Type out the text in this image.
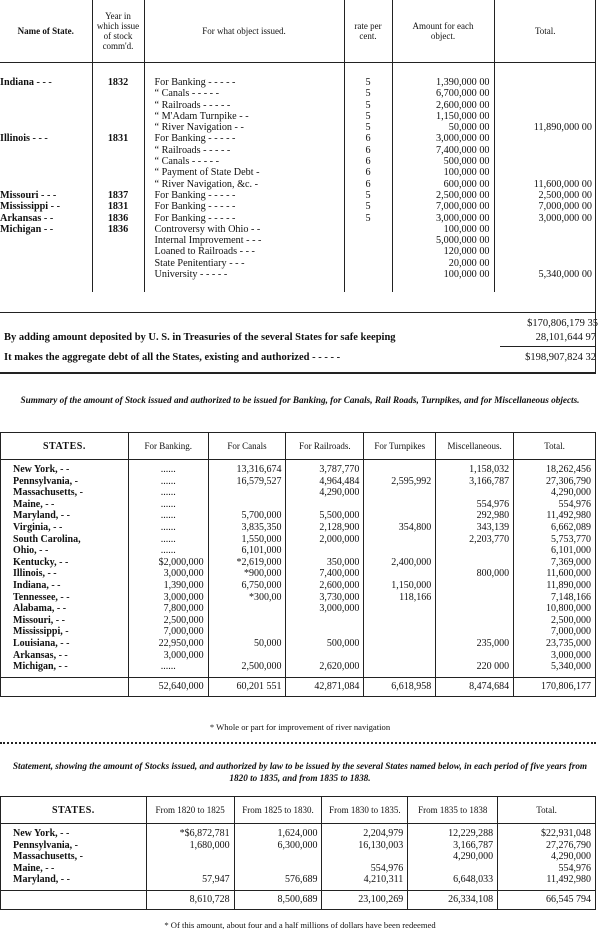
Name of State.	Year in which issue of stock comm'd.	For what object issued.	rate per cent.	Amount for each object.	Total.

Indiana - - -	1832	For Banking - - - - -	5	1,390,000 00	
		“ Canals - - - - -	5	6,700,000 00	
		“ Railroads - - - - -	5	2,600,000 00	
		“ M'Adam Turnpike - -	5	1,150,000 00	
		“ River Navigation - -	5	50,000 00	11,890,000 00
Illinois - - -	1831	For Banking - - - - -	6	3,000,000 00	
		“ Railroads - - - - -	6	7,400,000 00	
		“ Canals - - - - -	6	500,000 00	
		“ Payment of State Debt -	6	100,000 00	
		“ River Navigation, &c. -	6	600,000 00	11,600,000 00
Missouri - - -	1837	For Banking - - - - -	5	2,500,000 00	2,500,000 00
Mississippi - -	1831	For Banking - - - - -	5	7,000,000 00	7,000,000 00
Arkansas - -	1836	For Banking - - - - -	5	3,000,000 00	3,000,000 00
Michigan - -	1836	Controversy with Ohio - -		100,000 00	
		Internal Improvement - - -		5,000,000 00	
		Loaned to Railroads - - -		120,000 00	
		State Penitentiary - - -		20,000 00	
		University - - - - -		100,000 00	5,340,000 00

$170,806,179 35
By adding amount deposited by U. S. in Treasuries of the several States for safe keeping	28,101,644 97
It makes the aggregate debt of all the States, existing and authorized - - - - -	$198,907,824 32
Summary of the amount of Stock issued and authorized to be issued for Banking, for Canals, Rail Roads, Turnpikes, and for Miscellaneous objects.
STATES.	For Banking.	For Canals	For Railroads.	For Turnpikes	Miscellaneous.	Total.

New York, - -	......	13,316,674	3,787,770		1,158,032	18,262,456
Pennsylvania, -	......	16,579,527	4,964,484	2,595,992	3,166,787	27,306,790
Massachusetts, -	......		4,290,000			4,290,000
Maine, - -	......				554,976	554,976
Maryland, - -	......	5,700,000	5,500,000		292,980	11,492,980
Virginia, - -	......	3,835,350	2,128,900	354,800	343,139	6,662,089
South Carolina,	......	1,550,000	2,000,000		2,203,770	5,753,770
Ohio, - -	......	6,101,000				6,101,000
Kentucky, - -	$2,000,000	*2,619,000	350,000	2,400,000		7,369,000
Illinois, - -	3,000,000	*900,000	7,400,000		800,000	11,600,000
Indiana, - -	1,390,000	6,750,000	2,600,000	1,150,000		11,890,000
Tennessee, - -	3,000,000	*300,00	3,730,000	118,166		7,148,166
Alabama, - -	7,800,000		3,000,000			10,800,000
Missouri, - -	2,500,000					2,500,000
Mississippi, -	7,000,000					7,000,000
Louisiana, - -	22,950,000	50,000	500,000		235,000	23,735,000
Arkansas, - -	3,000,000					3,000,000
Michigan, - -	......	2,500,000	2,620,000		220 000	5,340,000

	52,640,000	60,201 551	42,871,084	6,618,958	8,474,684	170,806,177
* Whole or part for improvement of river navigation
Statement, showing the amount of Stocks issued, and authorized by law to be issued by the several States named below, in each period of five years from 1820 to 1835, and from 1835 to 1838.
STATES.	From 1820 to 1825	From 1825 to 1830.	From 1830 to 1835.	From 1835 to 1838	Total.

New York, - -	*$6,872,781	1,624,000	2,204,979	12,229,288	$22,931,048
Pennsylvania, -	1,680,000	6,300,000	16,130,003	3,166,787	27,276,790
Massachusetts, -				4,290,000	4,290,000
Maine, - -			554,976		554,976
Maryland, - -	57,947	576,689	4,210,311	6,648,033	11,492,980

	8,610,728	8,500,689	23,100,269	26,334,108	66,545 794
* Of this amount, about four and a half millions of dollars have been redeemed
